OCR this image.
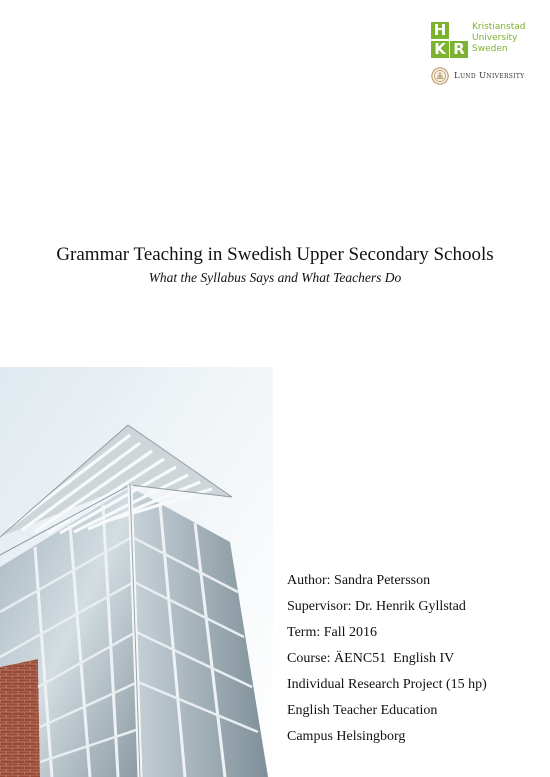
H
K R
Kristianstad
University
Sweden
Lund University
Grammar Teaching in Swedish Upper Secondary Schools
What the Syllabus Says and What Teachers Do
Author: Sandra Petersson
Supervisor: Dr. Henrik Gyllstad
Term: Fall 2016
Course: ÄENC51  English IV
Individual Research Project (15 hp)
English Teacher Education
Campus Helsingborg
